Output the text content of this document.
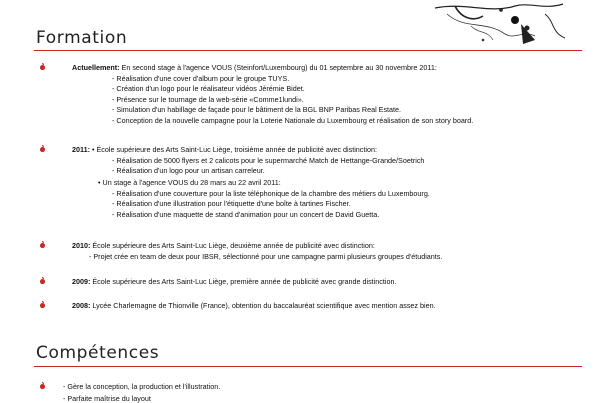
Formation
Actuellement: En second stage à l'agence VOUS (Steinfort/Luxembourg) du 01 septembre au 30 novembre 2011:
- Réalisation d'une cover d'album pour le groupe TUYS.
- Création d'un logo pour le réalisateur vidéos Jérémie Bidet.
- Présence sur le tournage de la web-série «Comme1lundi».
- Simulation d'un habillage de façade pour le bâtiment de la BGL BNP Paribas Real Estate.
- Conception de la nouvelle campagne pour la Loterie Nationale du Luxembourg et réalisation de son story board.
2011: • École supérieure des Arts Saint-Luc Liège, troisième année de publicité avec distinction:
- Réalisation de 5000 flyers et 2 calicots pour le supermarché Match de Hettange-Grande/Soetrich
- Réalisation d'un logo pour un artisan carreleur.
• Un stage à l'agence VOUS du 28 mars au 22 avril 2011:
- Réalisation d'une couverture pour la liste téléphonique de la chambre des métiers du Luxembourg.
- Réalisation d'une illustration pour l'étiquette d'une boîte à tartines Fischer.
- Réalisation d'une maquette de stand d'animation pour un concert de David Guetta.
2010: École supérieure des Arts Saint-Luc Liège, deuxième année de publicité avec distinction:
- Projet crée en team de deux pour IBSR, sélectionné pour une campagne parmi plusieurs groupes d'étudiants.
2009: École supérieure des Arts Saint-Luc Liège, première année de publicité avec grande distinction.
2008: Lycée Charlemagne de Thionville (France), obtention du baccalauréat scientifique avec mention assez bien.
Compétences
- Gère la conception, la production et l'illustration.
- Parfaite maîtrise du layout
